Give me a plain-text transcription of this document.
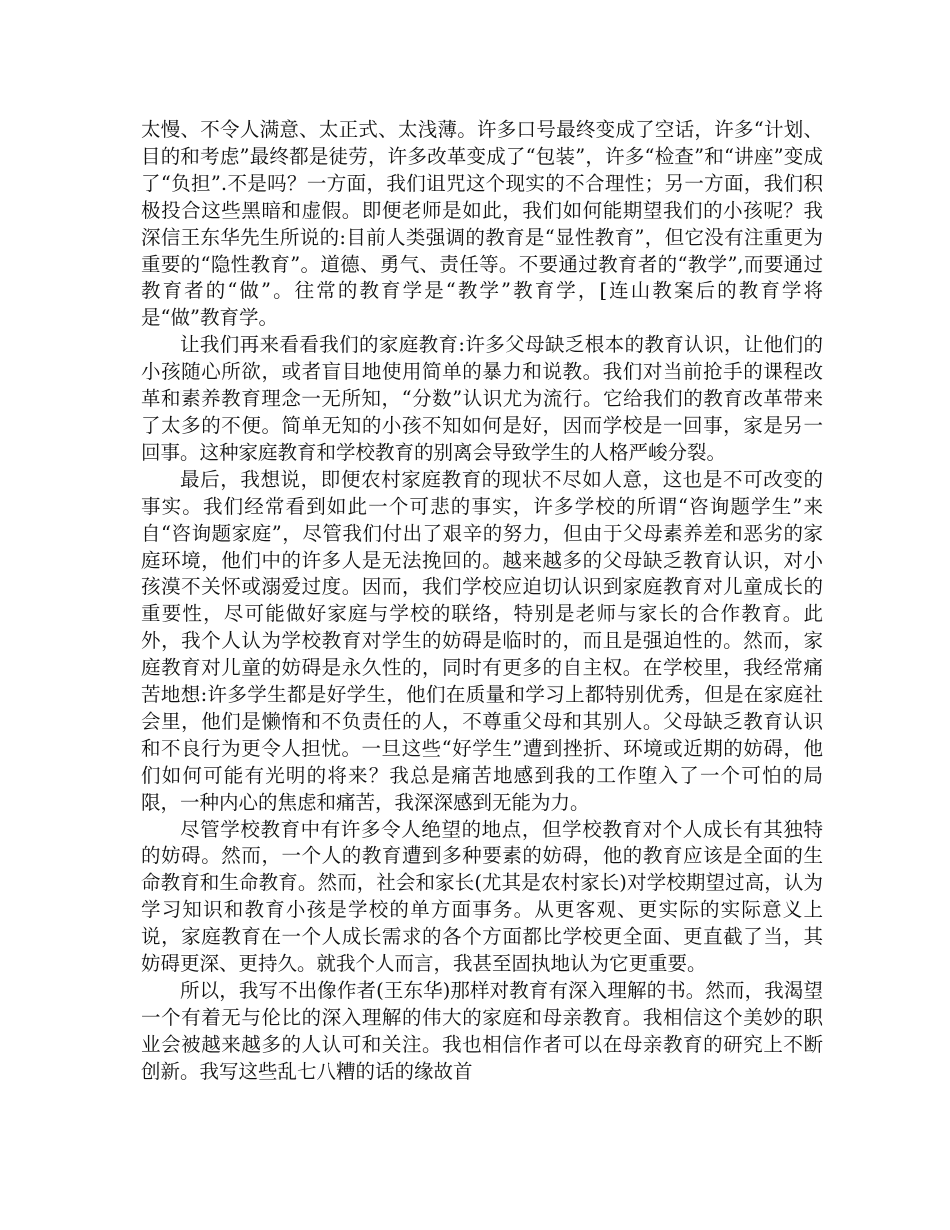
太慢、不令人满意、太正式、太浅薄。许多口号最终变成了空话，许多“计划、目的和考虑”最终都是徒劳，许多改革变成了“包装”，许多“检查”和“讲座”变成了“负担”.不是吗？一方面，我们诅咒这个现实的不合理性；另一方面，我们积极投合这些黑暗和虚假。即便老师是如此，我们如何能期望我们的小孩呢？我深信王东华先生所说的:目前人类强调的教育是“显性教育”，但它没有注重更为重要的“隐性教育”。道德、勇气、责任等。不要通过教育者的“教学”,而要通过教育者的“做”。往常的教育学是“教学”教育学，[连山教案后的教育学将是“做”教育学。

让我们再来看看我们的家庭教育:许多父母缺乏根本的教育认识，让他们的小孩随心所欲，或者盲目地使用简单的暴力和说教。我们对当前抢手的课程改革和素养教育理念一无所知，“分数”认识尤为流行。它给我们的教育改革带来了太多的不便。简单无知的小孩不知如何是好，因而学校是一回事，家是另一回事。这种家庭教育和学校教育的别离会导致学生的人格严峻分裂。

最后，我想说，即便农村家庭教育的现状不尽如人意，这也是不可改变的事实。我们经常看到如此一个可悲的事实，许多学校的所谓“咨询题学生”来自“咨询题家庭”，尽管我们付出了艰辛的努力，但由于父母素养差和恶劣的家庭环境，他们中的许多人是无法挽回的。越来越多的父母缺乏教育认识，对小孩漠不关怀或溺爱过度。因而，我们学校应迫切认识到家庭教育对儿童成长的重要性，尽可能做好家庭与学校的联络，特别是老师与家长的合作教育。此外，我个人认为学校教育对学生的妨碍是临时的，而且是强迫性的。然而，家庭教育对儿童的妨碍是永久性的，同时有更多的自主权。在学校里，我经常痛苦地想:许多学生都是好学生，他们在质量和学习上都特别优秀，但是在家庭社会里，他们是懒惰和不负责任的人，不尊重父母和其别人。父母缺乏教育认识和不良行为更令人担忧。一旦这些“好学生”遭到挫折、环境或近期的妨碍，他们如何可能有光明的将来？我总是痛苦地感到我的工作堕入了一个可怕的局限，一种内心的焦虑和痛苦，我深深感到无能为力。

尽管学校教育中有许多令人绝望的地点，但学校教育对个人成长有其独特的妨碍。然而，一个人的教育遭到多种要素的妨碍，他的教育应该是全面的生命教育和生命教育。然而，社会和家长(尤其是农村家长)对学校期望过高，认为学习知识和教育小孩是学校的单方面事务。从更客观、更实际的实际意义上说，家庭教育在一个人成长需求的各个方面都比学校更全面、更直截了当，其妨碍更深、更持久。就我个人而言，我甚至固执地认为它更重要。

所以，我写不出像作者(王东华)那样对教育有深入理解的书。然而，我渴望一个有着无与伦比的深入理解的伟大的家庭和母亲教育。我相信这个美妙的职业会被越来越多的人认可和关注。我也相信作者可以在母亲教育的研究上不断创新。我写这些乱七八糟的话的缘故首
